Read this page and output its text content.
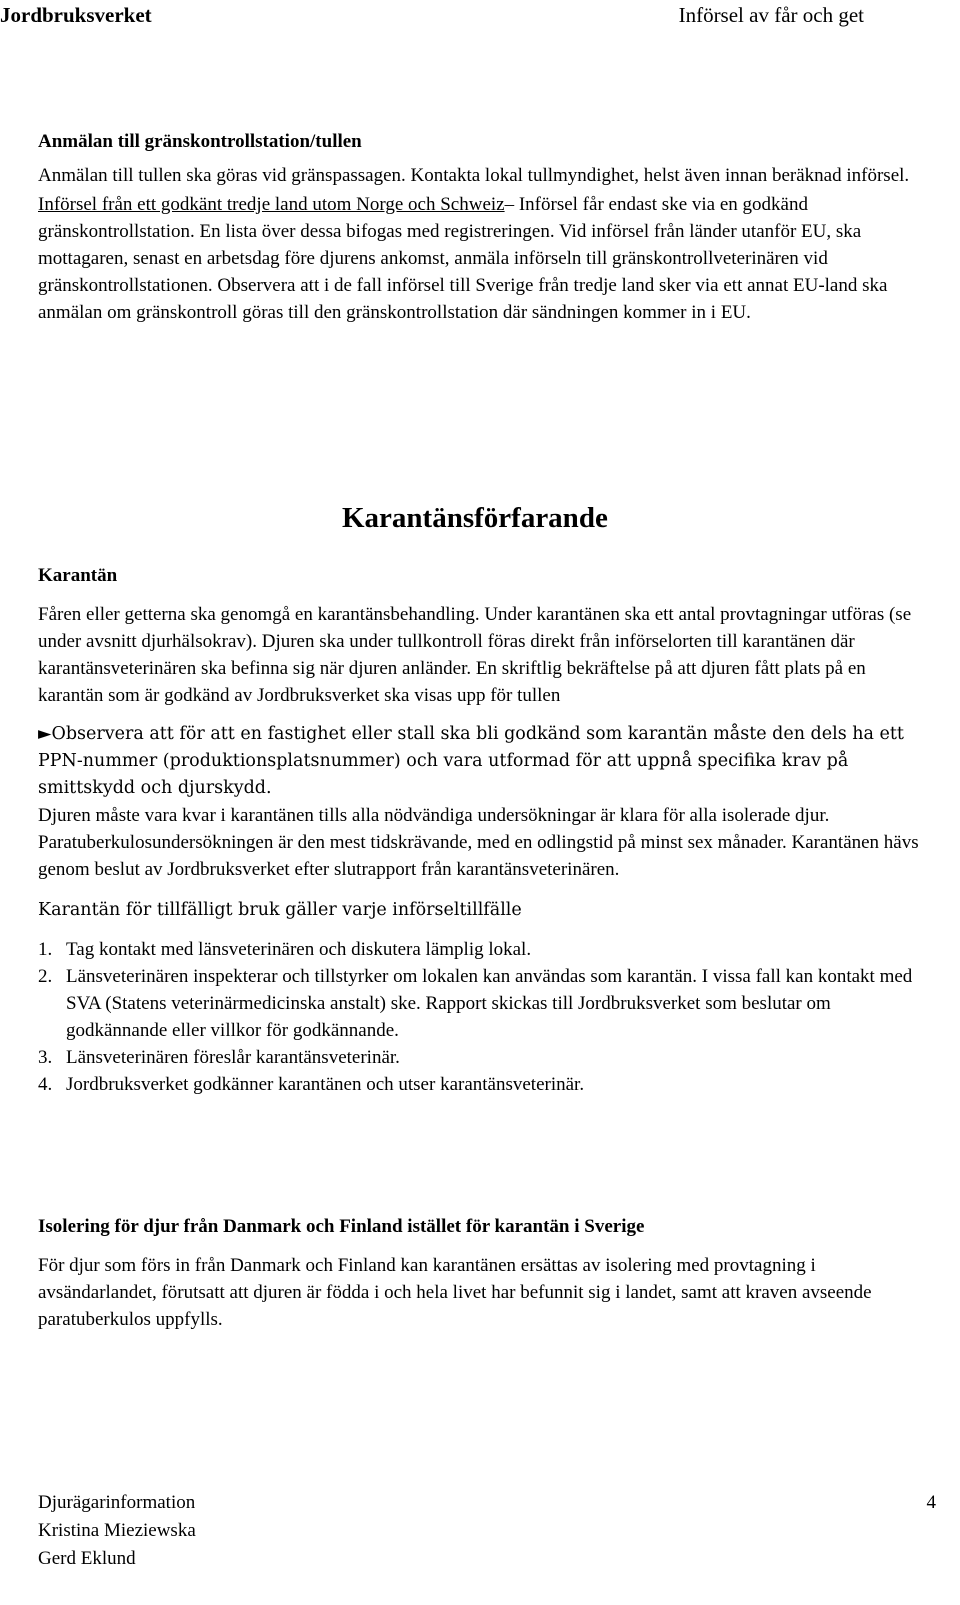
Jordbruksverket	Införsel av får och get
Anmälan till gränskontrollstation/tullen

Anmälan till tullen ska göras vid gränspassagen. Kontakta lokal tullmyndighet, helst även innan beräknad införsel.

Införsel från ett godkänt tredje land utom Norge och Schweiz– Införsel får endast ske via en godkänd gränskontrollstation. En lista över dessa bifogas med registreringen. Vid införsel från länder utanför EU, ska mottagaren, senast en arbetsdag före djurens ankomst, anmäla införseln till gränskontrollveterinären vid gränskontrollstationen. Observera att i de fall införsel till Sverige från tredje land sker via ett annat EU-land ska anmälan om gränskontroll göras till den gränskontrollstation där sändningen kommer in i EU.

Karantänsförfarande
Karantän

Fåren eller getterna ska genomgå en karantänsbehandling. Under karantänen ska ett antal provtagningar utföras (se under avsnitt djurhälsokrav). Djuren ska under tullkontroll föras direkt från införselorten till karantänen där karantänsveterinären ska befinna sig när djuren anländer. En skriftlig bekräftelse på att djuren fått plats på en karantän som är godkänd av Jordbruksverket ska visas upp för tullen

►Observera att för att en fastighet eller stall ska bli godkänd som karantän måste den dels ha ett PPN-nummer (produktionsplatsnummer) och vara utformad för att uppnå specifika krav på smittskydd och djurskydd.

Djuren måste vara kvar i karantänen tills alla nödvändiga undersökningar är klara för alla isolerade djur. Paratuberkulosundersökningen är den mest tidskrävande, med en odlingstid på minst sex månader. Karantänen hävs genom beslut av Jordbruksverket efter slutrapport från karantänsveterinären.

Karantän för tillfälligt bruk gäller varje införseltillfälle

1. Tag kontakt med länsveterinären och diskutera lämplig lokal.
2. Länsveterinären inspekterar och tillstyrker om lokalen kan användas som karantän. I vissa fall kan kontakt med SVA (Statens veterinärmedicinska anstalt) ske. Rapport skickas till Jordbruksverket som beslutar om godkännande eller villkor för godkännande.
3. Länsveterinären föreslår karantänsveterinär.
4. Jordbruksverket godkänner karantänen och utser karantänsveterinär.
Isolering för djur från Danmark och Finland istället för karantän i Sverige

För djur som förs in från Danmark och Finland kan karantänen ersättas av isolering med provtagning i avsändarlandet, förutsatt att djuren är födda i och hela livet har befunnit sig i landet, samt att kraven avseende paratuberkulos uppfylls.

Djurägarinformation
Kristina Mieziewska
Gerd Eklund
4
